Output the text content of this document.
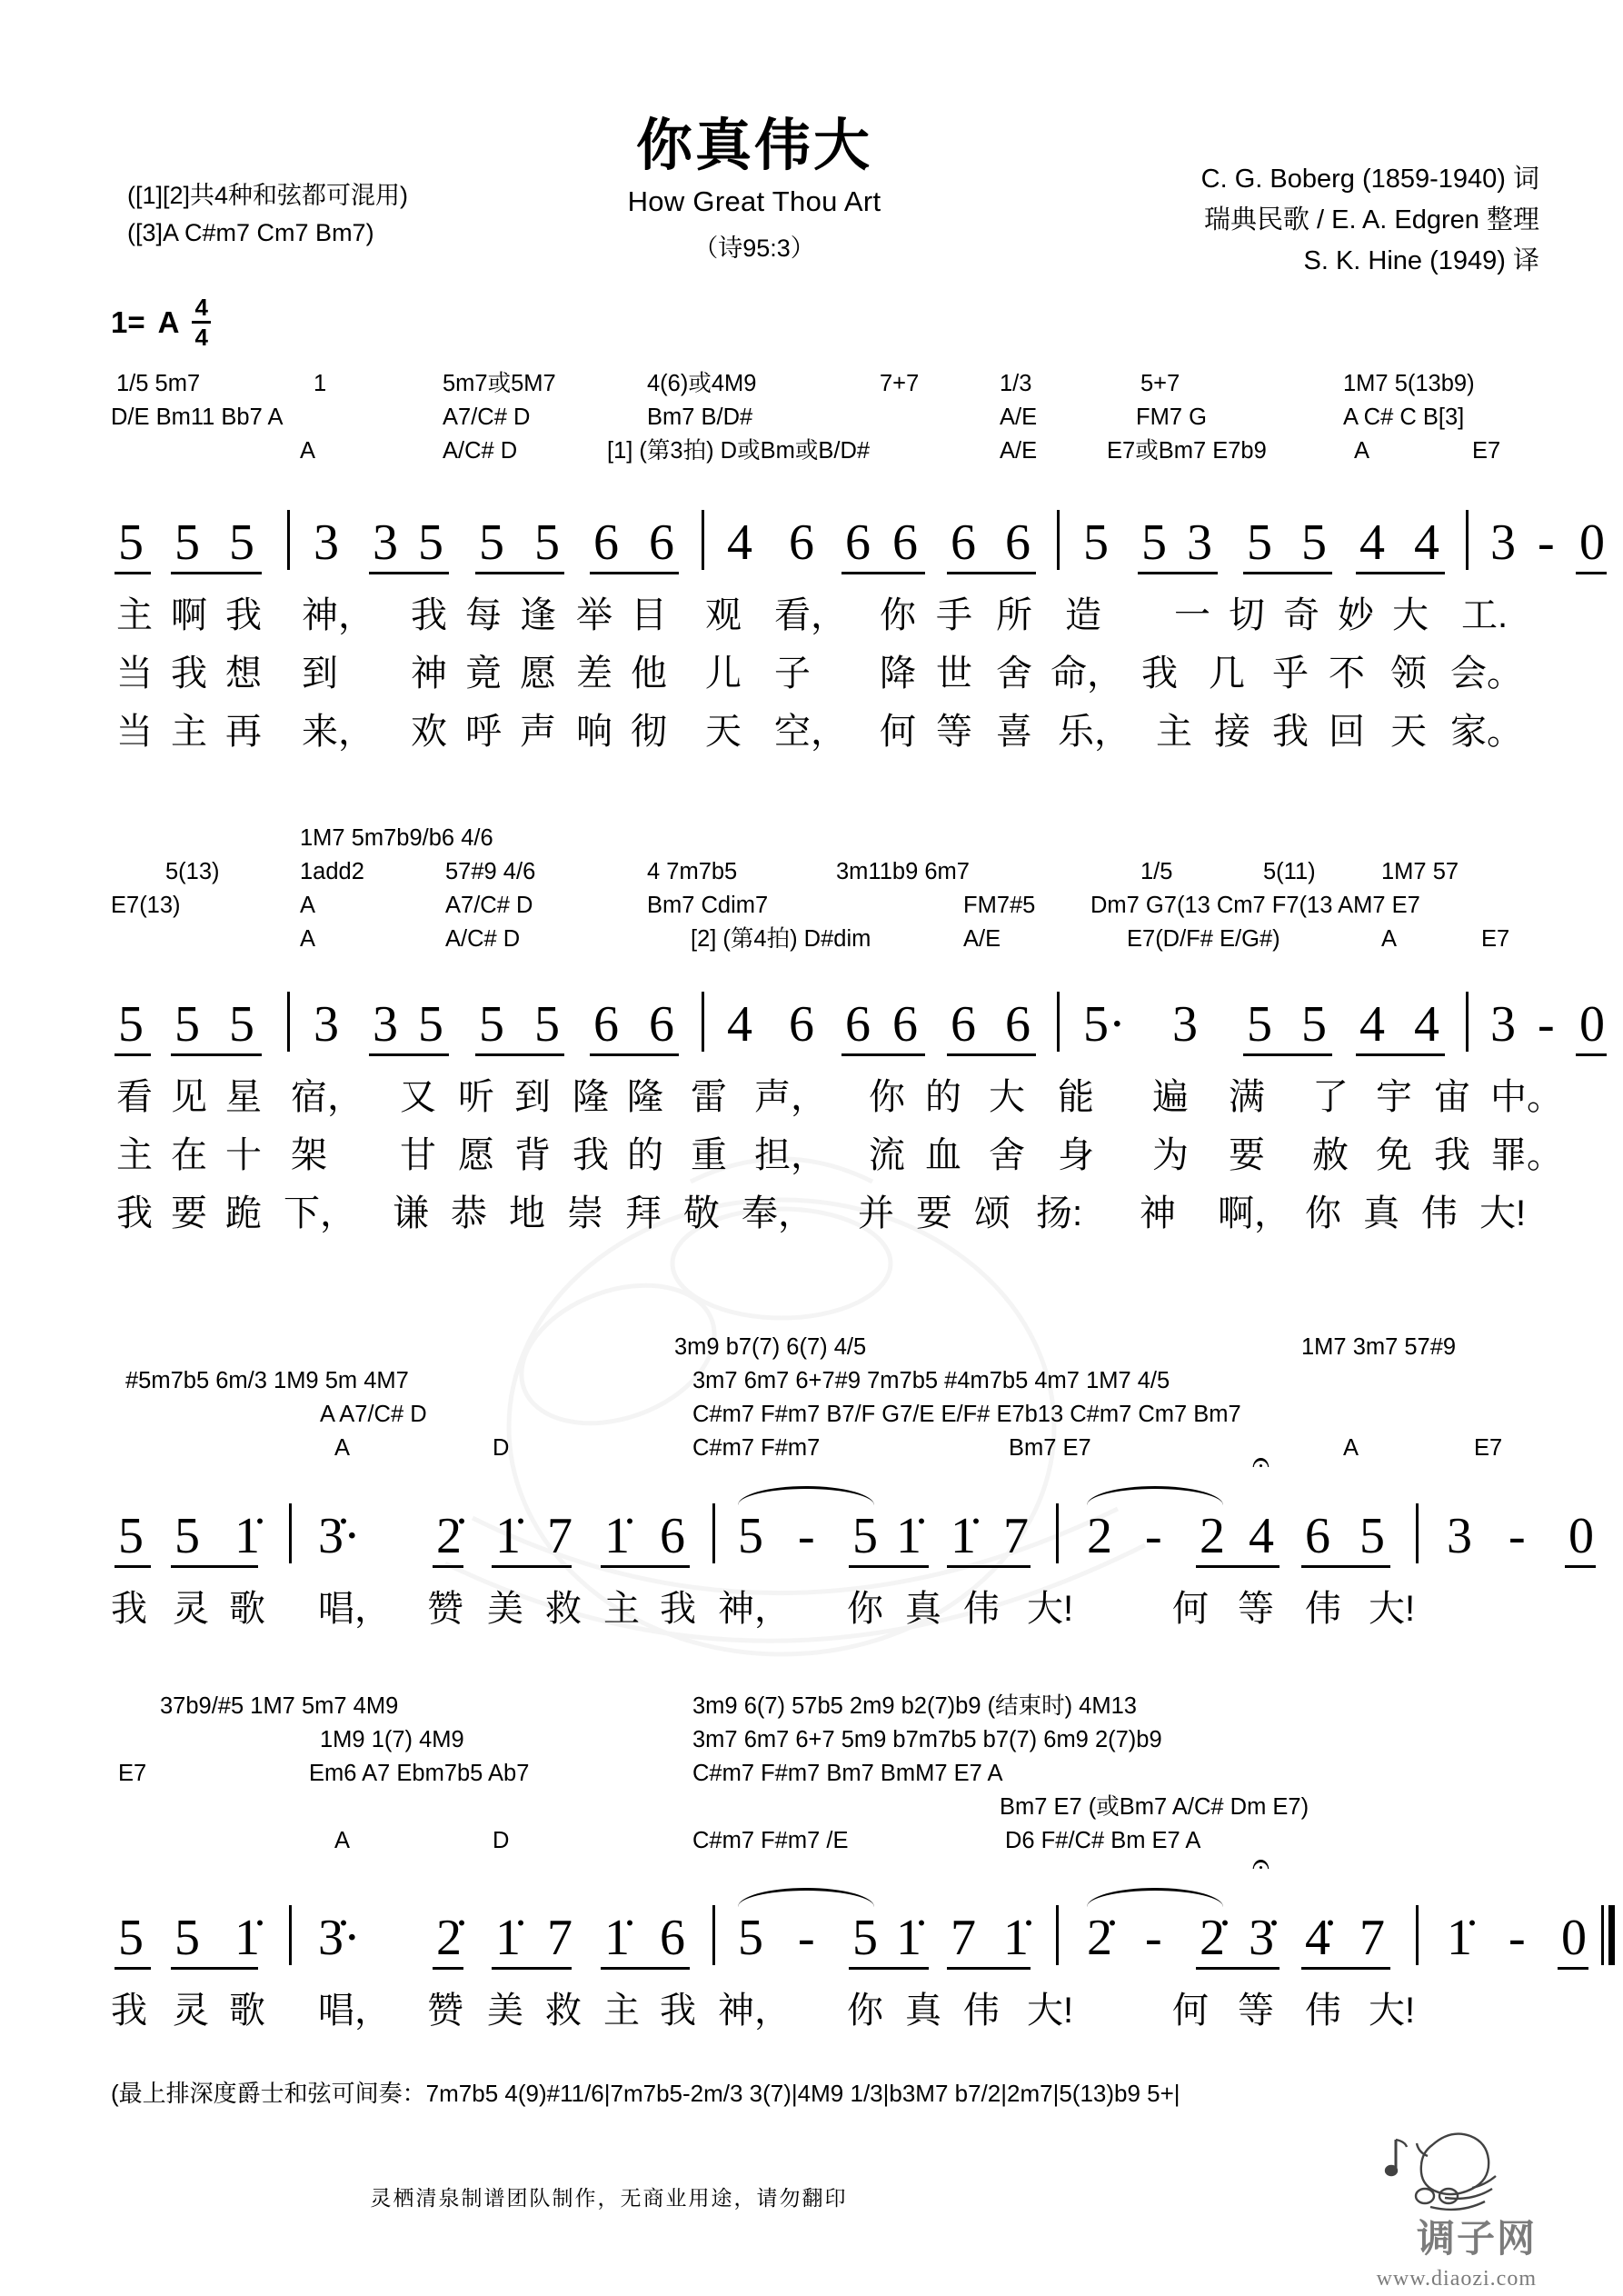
([1][2]共4种和弦都可混用)
([3]A C#m7 Cm7 Bm7)
1= A $\frac{4}{4}$
你真伟大
How Great Thou Art
（诗95:3）
C. G. Boberg (1859-1940) 词
瑞典民歌 / E. A. Edgren 整理
S. K. Hine (1949) 译
1/5 5m7	1	5m7或5M7	4(6)或4M9	7+7	1/3	5+7	1M7 5(13b9)
D/E Bm11 Bb7 A	A7/C# D	Bm7 B/D#	A/E	FM7 G	A C# C B[3]
A	A/C# D	[1] (第3拍) D或Bm或B/D#	A/E	E7或Bm7 E7b9	A	E7
5 5 5 3 3 5 5 5 6 6 4 6 6 6 6 6 5 5 3 5 5 4 4 3 - 0
主 啊 我 神， 我 每 逢 举 目 观 看， 你 手 所 造 一 切 奇 妙 大 工.
当 我 想 到 神 竟 愿 差 他 儿 子 降 世 舍 命， 我 几 乎 不 领 会。
当 主 再 来， 欢 呼 声 响 彻 天 空， 何 等 喜 乐， 主 接 我 回 天 家。
1M7 5m7b9/b6 4/6
5(13)	1add2	57#9 4/6	4 7m7b5	3m11b9 6m7	1/5	5(11)	1M7 57
E7(13)	A	A7/C# D	Bm7 Cdim7	FM7#5 Dm7 G7(13 Cm7 F7(13 AM7 E7
A	A/C# D	[2] (第4拍) D#dim	A/E	E7(D/F# E/G#)	A	E7
5 5 5 3 3 5 5 5 6 6 4 6 6 6 6 6 5· 3 5 5 4 4 3 - 0
看 见 星 宿， 又 听 到 隆 隆 雷 声， 你 的 大 能 遍 满 了 宇 宙 中。
主 在 十 架 甘 愿 背 我 的 重 担， 流 血 舍 身 为 要 赦 免 我 罪。
我 要 跪 下， 谦 恭 地 崇 拜 敬 奉， 并 要 颂 扬: 神 啊， 你 真 伟 大!
3m9 b7(7) 6(7) 4/5	1M7 3m7 57#9
#5m7b5 6m/3 1M9 5m 4M7	3m7 6m7 6+7#9 7m7b5 #4m7b5 4m7 1M7 4/5
A A7/C# D	C#m7 F#m7 B7/F G7/E E/F# E7b13 C#m7 Cm7 Bm7
A	D	C#m7 F#m7	Bm7 E7	A	E7
5 5 1̇ 3̇· 2̇ 1̇ 7 1̇ 6 5 - 5 1̇ 1̇ 7 2 - 2 4 6 5
𝄐
3 - 0
我 灵 歌 唱， 赞 美 救 主 我 神， 你 真 伟 大!	何 等 伟 大!
37b9/#5 1M7 5m7 4M9	3m9 6(7) 57b5 2m9 b2(7)b9 (结束时) 4M13
1M9 1(7) 4M9	3m7 6m7 6+7 5m9 b7m7b5 b7(7) 6m9 2(7)b9
E7	Em6 A7 Ebm7b5 Ab7	C#m7 F#m7 Bm7 BmM7 E7 A
Bm7 E7 (或Bm7 A/C# Dm E7)
A	D	C#m7 F#m7 /E	D6 F#/C# Bm E7 A
5 5 1̇ 3̇· 2̇ 1̇ 7 1̇ 6 5 - 5 1̇ 7 1̇ 2̇ - 2̇ 3̇ 4̇ 7
𝄐
1̇ - 0
我 灵 歌 唱， 赞 美 救 主 我 神， 你 真 伟 大!	何 等 伟 大!
(最上排深度爵士和弦可间奏：7m7b5 4(9)#11/6|7m7b5-2m/3 3(7)|4M9 1/3|b3M7 b7/2|2m7|5(13)b9 5+|
灵栖清泉制谱团队制作，无商业用途，请勿翻印
调子网
www.diaozi.com
